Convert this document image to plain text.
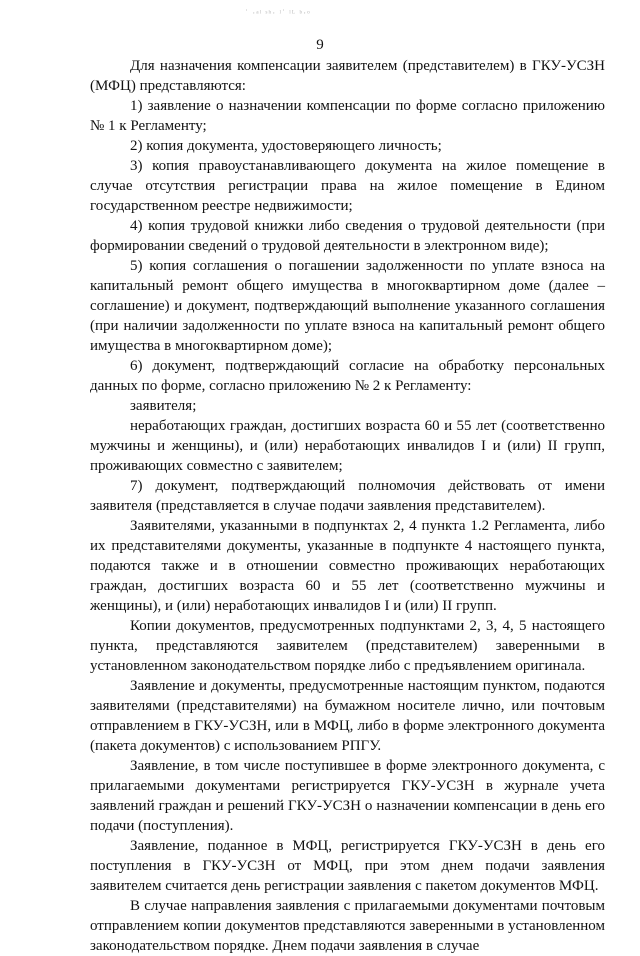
ʿ ·ᵃˡ ˢʰ· ˡ˙ ˡᴸ ᵇ·ᵒ
9

Для назначения компенсации заявителем (представителем) в ГКУ-УСЗН (МФЦ) представляются:

1) заявление о назначении компенсации по форме согласно приложению № 1 к Регламенту;

2) копия документа, удостоверяющего личность;

3) копия правоустанавливающего документа на жилое помещение в случае отсутствия регистрации права на жилое помещение в Едином государственном реестре недвижимости;

4) копия трудовой книжки либо сведения о трудовой деятельности (при формировании сведений о трудовой деятельности в электронном виде);

5) копия соглашения о погашении задолженности по уплате взноса на капитальный ремонт общего имущества в многоквартирном доме (далее – соглашение) и документ, подтверждающий выполнение указанного соглашения (при наличии задолженности по уплате взноса на капитальный ремонт общего имущества в многоквартирном доме);

6) документ, подтверждающий согласие на обработку персональных данных по форме, согласно приложению № 2 к Регламенту:

заявителя;

неработающих граждан, достигших возраста 60 и 55 лет (соответственно мужчины и женщины), и (или) неработающих инвалидов I и (или) II групп, проживающих совместно с заявителем;

7) документ, подтверждающий полномочия действовать от имени заявителя (представляется в случае подачи заявления представителем).

Заявителями, указанными в подпунктах 2, 4 пункта 1.2 Регламента, либо их представителями документы, указанные в подпункте 4 настоящего пункта, подаются также и в отношении совместно проживающих неработающих граждан, достигших возраста 60 и 55 лет (соответственно мужчины и женщины), и (или) неработающих инвалидов I и (или) II групп.

Копии документов, предусмотренных подпунктами 2, 3, 4, 5 настоящего пункта, представляются заявителем (представителем) заверенными в установленном законодательством порядке либо с предъявлением оригинала.

Заявление и документы, предусмотренные настоящим пунктом, подаются заявителями (представителями) на бумажном носителе лично, или почтовым отправлением в ГКУ-УСЗН, или в МФЦ, либо в форме электронного документа (пакета документов) с использованием РПГУ.

Заявление, в том числе поступившее в форме электронного документа, с прилагаемыми документами регистрируется ГКУ-УСЗН в журнале учета заявлений граждан и решений ГКУ-УСЗН о назначении компенсации в день его подачи (поступления).

Заявление, поданное в МФЦ, регистрируется ГКУ-УСЗН в день его поступления в ГКУ-УСЗН от МФЦ, при этом днем подачи заявления заявителем считается день регистрации заявления с пакетом документов МФЦ.

В случае направления заявления с прилагаемыми документами почтовым отправлением копии документов представляются заверенными в установленном законодательством порядке. Днем подачи заявления в случае
